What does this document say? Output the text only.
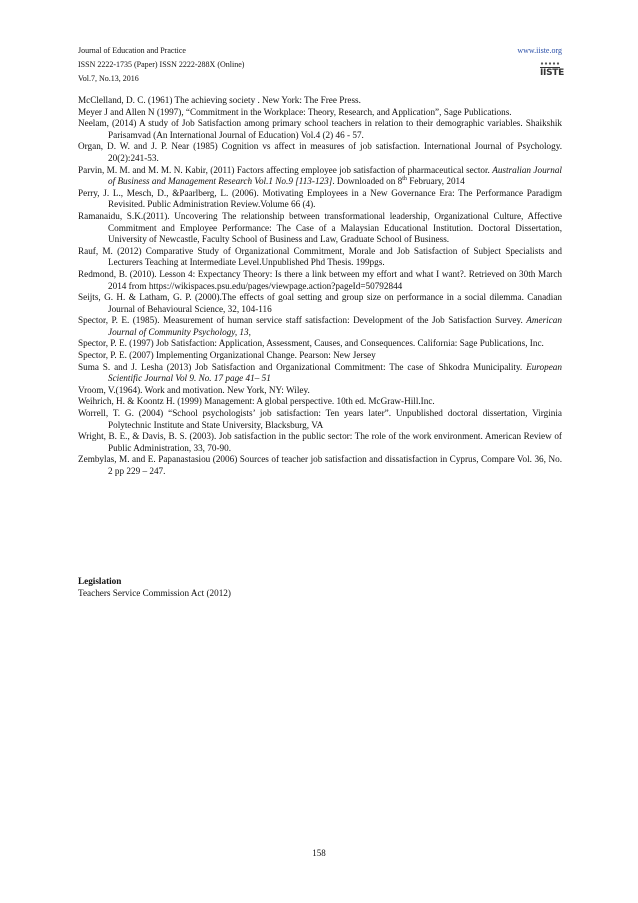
Journal of Education and Practice
ISSN 2222-1735 (Paper) ISSN 2222-288X (Online)
Vol.7, No.13, 2016
www.iiste.org
IISTE

McClelland, D. C. (1961) The achieving society . New York: The Free Press.

Meyer J and Allen N (1997), “Commitment in the Workplace: Theory, Research, and Application”, Sage Publications.

Neelam, (2014) A study of Job Satisfaction among primary school teachers in relation to their demographic variables. Shaikshik Parisamvad (An International Journal of Education) Vol.4 (2) 46 - 57.

Organ, D. W. and J. P. Near (1985) Cognition vs affect in measures of job satisfaction. International Journal of Psychology. 20(2):241-53.

Parvin, M. M. and M. M. N. Kabir, (2011) Factors affecting employee job satisfaction of pharmaceutical sector. Australian Journal of Business and Management Research Vol.1 No.9 [113-123]. Downloaded on 8th February, 2014

Perry, J. L., Mesch, D., &Paarlberg, L. (2006). Motivating Employees in a New Governance Era: The Performance Paradigm Revisited. Public Administration Review.Volume 66 (4).

Ramanaidu, S.K.(2011). Uncovering The relationship between transformational leadership, Organizational Culture, Affective Commitment and Employee Performance: The Case of a Malaysian Educational Institution. Doctoral Dissertation, University of Newcastle, Faculty School of Business and Law, Graduate School of Business.

Rauf, M. (2012) Comparative Study of Organizational Commitment, Morale and Job Satisfaction of Subject Specialists and Lecturers Teaching at Intermediate Level.Unpublished Phd Thesis. 199pgs.

Redmond, B. (2010). Lesson 4: Expectancy Theory: Is there a link between my effort and what I want?. Retrieved on 30th March 2014 from https://wikispaces.psu.edu/pages/viewpage.action?pageId=50792844

Seijts, G. H. & Latham, G. P. (2000).The effects of goal setting and group size on performance in a social dilemma. Canadian Journal of Behavioural Science, 32, 104-116

Spector, P. E. (1985). Measurement of human service staff satisfaction: Development of the Job Satisfaction Survey. American Journal of Community Psychology, 13,

Spector, P. E. (1997) Job Satisfaction: Application, Assessment, Causes, and Consequences. California: Sage Publications, Inc.

Spector, P. E. (2007) Implementing Organizational Change. Pearson: New Jersey

Suma S. and J. Lesha (2013) Job Satisfaction and Organizational Commitment: The case of Shkodra Municipality. European Scientific Journal Vol 9. No. 17 page 41– 51

Vroom, V.(1964). Work and motivation. New York, NY: Wiley.

Weihrich, H. & Koontz H. (1999) Management: A global perspective. 10th ed. McGraw-Hill.Inc.

Worrell, T. G. (2004) “School psychologists’ job satisfaction: Ten years later”. Unpublished doctoral dissertation, Virginia Polytechnic Institute and State University, Blacksburg, VA

Wright, B. E., & Davis, B. S. (2003). Job satisfaction in the public sector: The role of the work environment. American Review of Public Administration, 33, 70-90.

Zembylas, M. and E. Papanastasiou (2006) Sources of teacher job satisfaction and dissatisfaction in Cyprus, Compare Vol. 36, No. 2 pp 229 – 247.

Legislation
Teachers Service Commission Act (2012)
158
